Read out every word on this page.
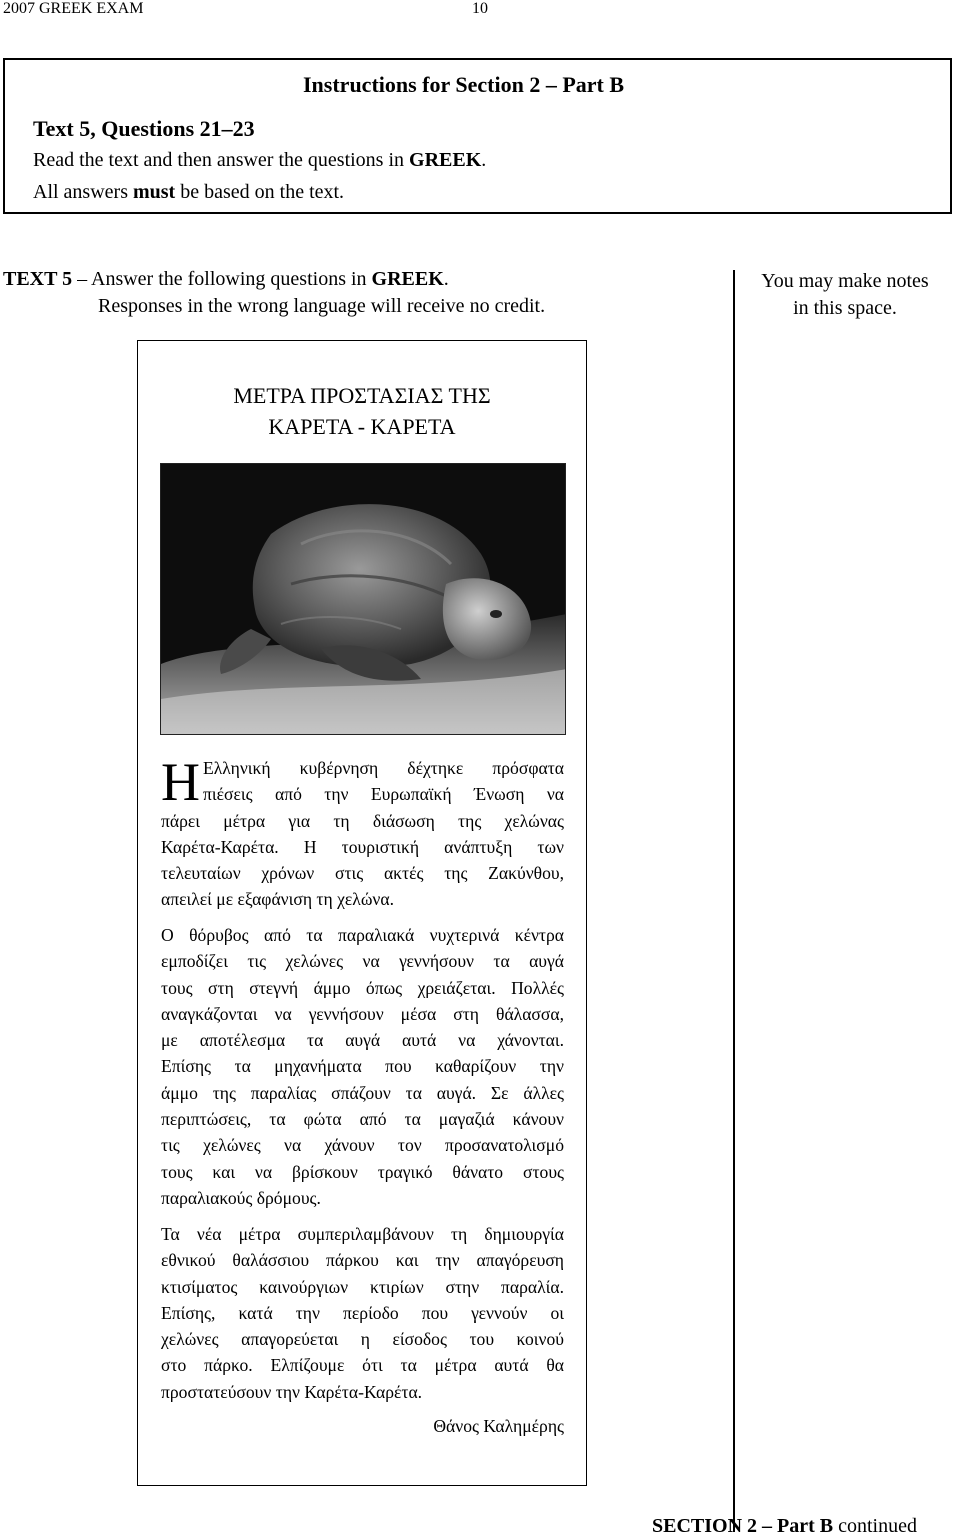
2007 GREEK EXAM	10
Instructions for Section 2 – Part B
Text 5, Questions 21–23
Read the text and then answer the questions in GREEK.
All answers must be based on the text.
TEXT 5 – Answer the following questions in GREEK.
Responses in the wrong language will receive no credit.
You may make notes
in this space.
ΜΕΤΡΑ ΠΡΟΣΤΑΣΙΑΣ ΤΗΣ
ΚΑΡΕΤΑ - ΚΑΡΕΤΑ
Η Ελληνική κυβέρνηση δέχτηκε πρόσφατα
πιέσεις από την Ευρωπαϊκή Ένωση να
πάρει μέτρα για τη διάσωση της χελώνας
Καρέτα-Καρέτα. Η τουριστική ανάπτυξη των
τελευταίων χρόνων στις ακτές της Ζακύνθου,
απειλεί με εξαφάνιση τη χελώνα.
Ο θόρυβος από τα παραλιακά νυχτερινά κέντρα
εμποδίζει τις χελώνες να γεννήσουν τα αυγά
τους στη στεγνή άμμο όπως χρειάζεται. Πολλές
αναγκάζονται να γεννήσουν μέσα στη θάλασσα,
με αποτέλεσμα τα αυγά αυτά να χάνονται.
Επίσης τα μηχανήματα που καθαρίζουν την
άμμο της παραλίας σπάζουν τα αυγά. Σε άλλες
περιπτώσεις, τα φώτα από τα μαγαζιά κάνουν
τις χελώνες να χάνουν τον προσανατολισμό
τους και να βρίσκουν τραγικό θάνατο στους
παραλιακούς δρόμους.
Τα νέα μέτρα συμπεριλαμβάνουν τη δημιουργία
εθνικού θαλάσσιου πάρκου και την απαγόρευση
κτισίματος καινούργιων κτιρίων στην παραλία.
Επίσης, κατά την περίοδο που γεννούν οι
χελώνες απαγορεύεται η είσοδος του κοινού
στο πάρκο. Ελπίζουμε ότι τα μέτρα αυτά θα
προστατεύσουν την Καρέτα-Καρέτα.
Θάνος Καλημέρης
SECTION 2 – Part B continued
